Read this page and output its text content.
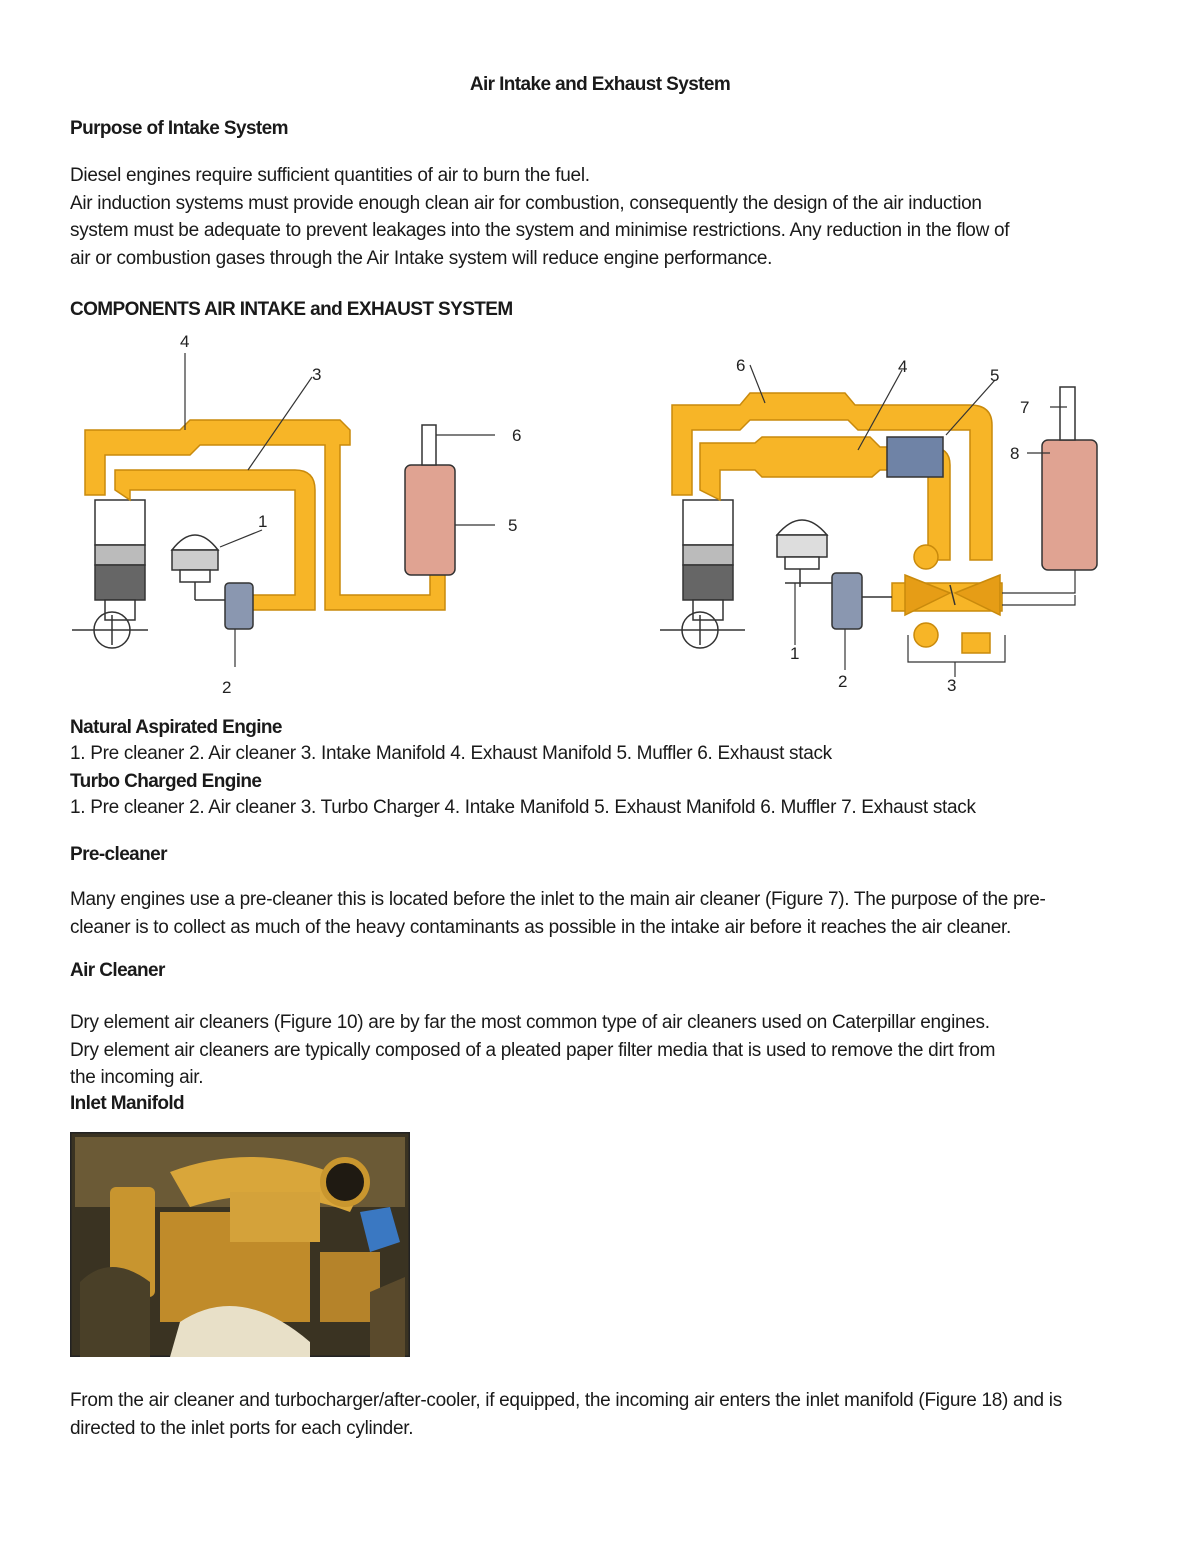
Air Intake and Exhaust System
Purpose of Intake System
Diesel engines require sufficient quantities of air to burn the fuel.
Air induction systems must provide enough clean air for combustion, consequently the design of the air induction
system must be adequate to prevent leakages into the system and minimise restrictions. Any reduction in the flow of
air or combustion gases through the Air Intake system will reduce engine performance.
COMPONENTS AIR INTAKE and EXHAUST SYSTEM
4
3
1
2
5
6
6	4	5
7
8
1
2	3
Natural Aspirated Engine
1. Pre cleaner 2. Air cleaner 3. Intake Manifold 4. Exhaust Manifold 5. Muffler 6. Exhaust stack
Turbo Charged Engine
1. Pre cleaner 2. Air cleaner 3. Turbo Charger 4. Intake Manifold 5. Exhaust Manifold 6. Muffler 7. Exhaust stack
Pre-cleaner
Many engines use a pre-cleaner this is located before the inlet to the main air cleaner (Figure 7). The purpose of the pre-
cleaner is to collect as much of the heavy contaminants as possible in the intake air before it reaches the air cleaner.
Air Cleaner
Dry element air cleaners (Figure 10) are by far the most common type of air cleaners used on Caterpillar engines.
Dry element air cleaners are typically composed of a pleated paper filter media that is used to remove the dirt from
the incoming air.
Inlet Manifold
From the air cleaner and turbocharger/after-cooler, if equipped, the incoming air enters the inlet manifold (Figure 18) and is
directed to the inlet ports for each cylinder.
